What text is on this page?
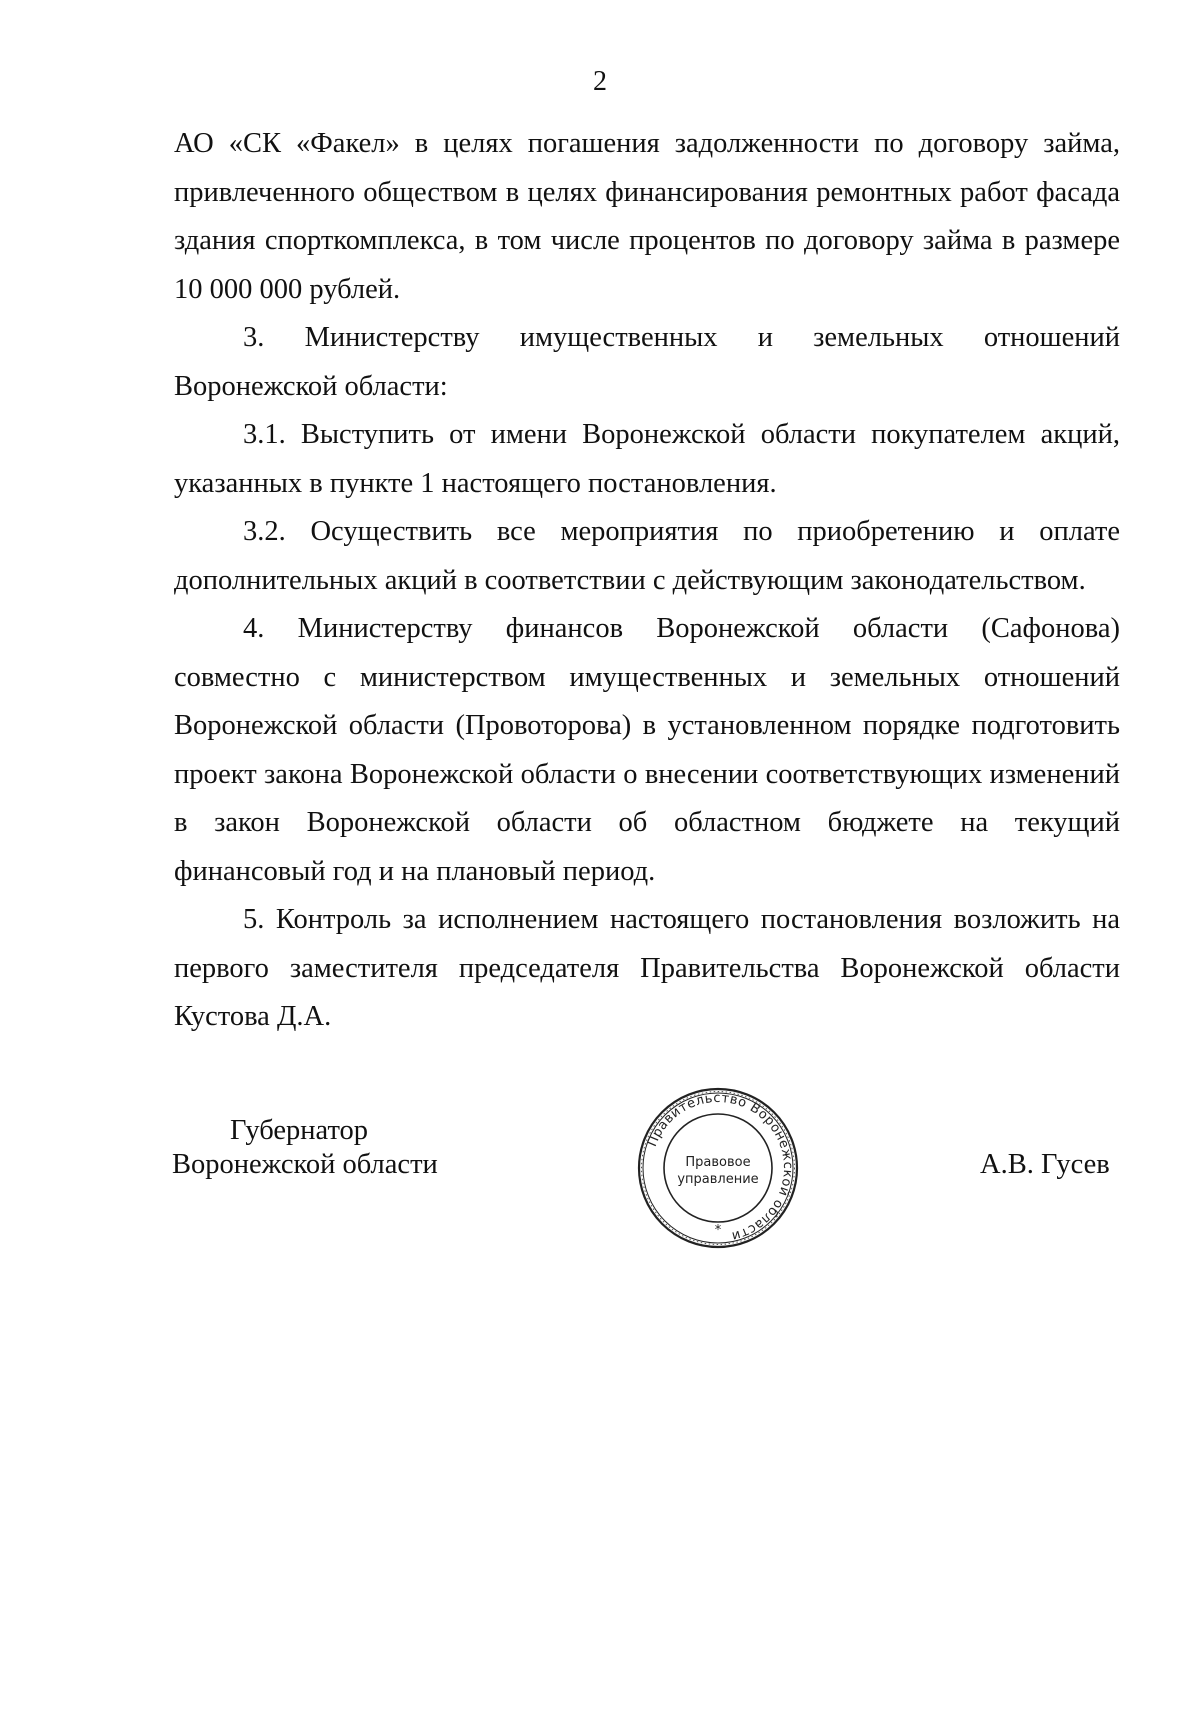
2

АО «СК «Факел» в целях погашения задолженности по договору займа, привлеченного обществом в целях финансирования ремонтных работ фасада здания спорткомплекса, в том числе процентов по договору займа в размере 10 000 000 рублей.

3. Министерству имущественных и земельных отношений Воронежской области:

3.1. Выступить от имени Воронежской области покупателем акций, указанных в пункте 1 настоящего постановления.

3.2. Осуществить все мероприятия по приобретению и оплате дополнительных акций в соответствии с действующим законодательством.

4. Министерству финансов Воронежской области (Сафонова) совместно с министерством имущественных и земельных отношений Воронежской области (Провоторова) в установленном порядке подготовить проект закона Воронежской области о внесении соответствующих изменений в закон Воронежской области об областном бюджете на текущий финансовый год и на плановый период.

5. Контроль за исполнением настоящего постановления возложить на первого заместителя председателя Правительства Воронежской области Кустова Д.А.

Губернатор
Воронежской области
Правительство Воронежской области
Правовое
управление
*
А.В. Гусев
